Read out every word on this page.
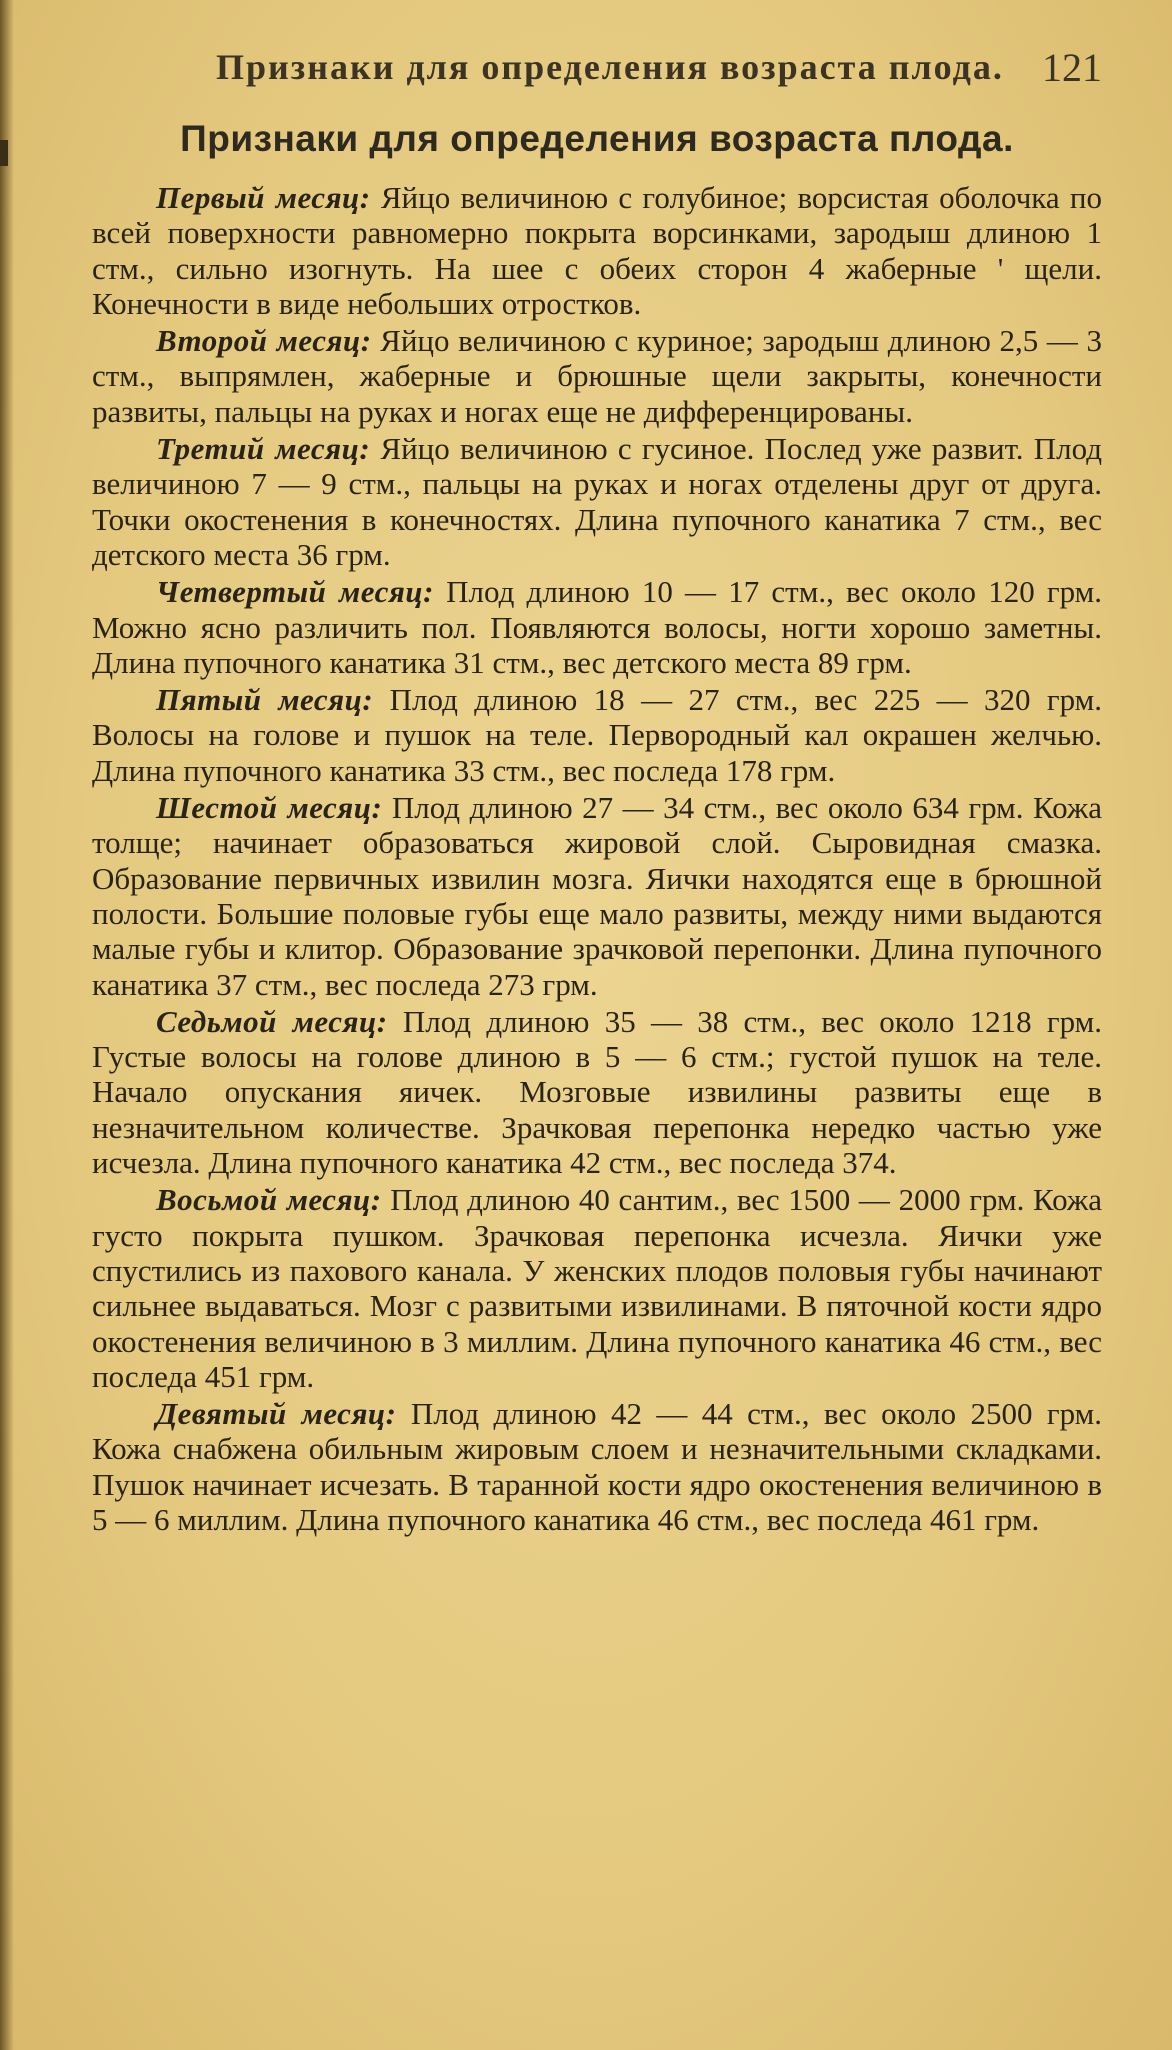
Признаки для определения возраста плода. 121
Признаки для определения возраста плода.

Первый месяц: Яйцо величиною с голубиное; ворсистая оболочка по всей поверхности равномерно покрыта ворсинками, зародыш длиною 1 стм., сильно изогнуть. На шее с обеих сторон 4 жаберные ' щели. Конечности в виде небольших отростков.

Второй месяц: Яйцо величиною с куриное; зародыш длиною 2,5 — 3 стм., выпрямлен, жаберные и брюшные щели закрыты, конечности развиты, пальцы на руках и ногах еще не дифференцированы.

Третий месяц: Яйцо величиною с гусиное. Послед уже развит. Плод величиною 7 — 9 стм., пальцы на руках и ногах отделены друг от друга. Точки окостенения в конечностях. Длина пупочного канатика 7 стм., вес детского места 36 грм.

Четвертый месяц: Плод длиною 10 — 17 стм., вес около 120 грм. Можно ясно различить пол. Появляются волосы, ногти хорошо заметны. Длина пупочного канатика 31 стм., вес детского места 89 грм.

Пятый месяц: Плод длиною 18 — 27 стм., вес 225 — 320 грм. Волосы на голове и пушок на теле. Первородный кал окрашен желчью. Длина пупочного канатика 33 стм., вес последа 178 грм.

Шестой месяц: Плод длиною 27 — 34 стм., вес около 634 грм. Кожа толще; начинает образоваться жировой слой. Сыровидная смазка. Образование первичных извилин мозга. Яички находятся еще в брюшной полости. Большие половые губы еще мало развиты, между ними выдаются малые губы и клитор. Образование зрачковой перепонки. Длина пупочного канатика 37 стм., вес последа 273 грм.

Седьмой месяц: Плод длиною 35 — 38 стм., вес около 1218 грм. Густые волосы на голове длиною в 5 — 6 стм.; густой пушок на теле. Начало опускания яичек. Мозговые извилины развиты еще в незначительном количестве. Зрачковая перепонка нередко частью уже исчезла. Длина пупочного канатика 42 стм., вес последа 374.

Восьмой месяц: Плод длиною 40 сантим., вес 1500 — 2000 грм. Кожа густо покрыта пушком. Зрачковая перепонка исчезла. Яички уже спустились из пахового канала. У женских плодов половыя губы начинают сильнее выдаваться. Мозг с развитыми извилинами. В пяточной кости ядро окостенения величиною в 3 миллим. Длина пупочного канатика 46 стм., вес последа 451 грм.

Девятый месяц: Плод длиною 42 — 44 стм., вес около 2500 грм. Кожа снабжена обильным жировым слоем и незначительными складками. Пушок начинает исчезать. В таранной кости ядро окостенения величиною в 5 — 6 миллим. Длина пупочного канатика 46 стм., вес последа 461 грм.
